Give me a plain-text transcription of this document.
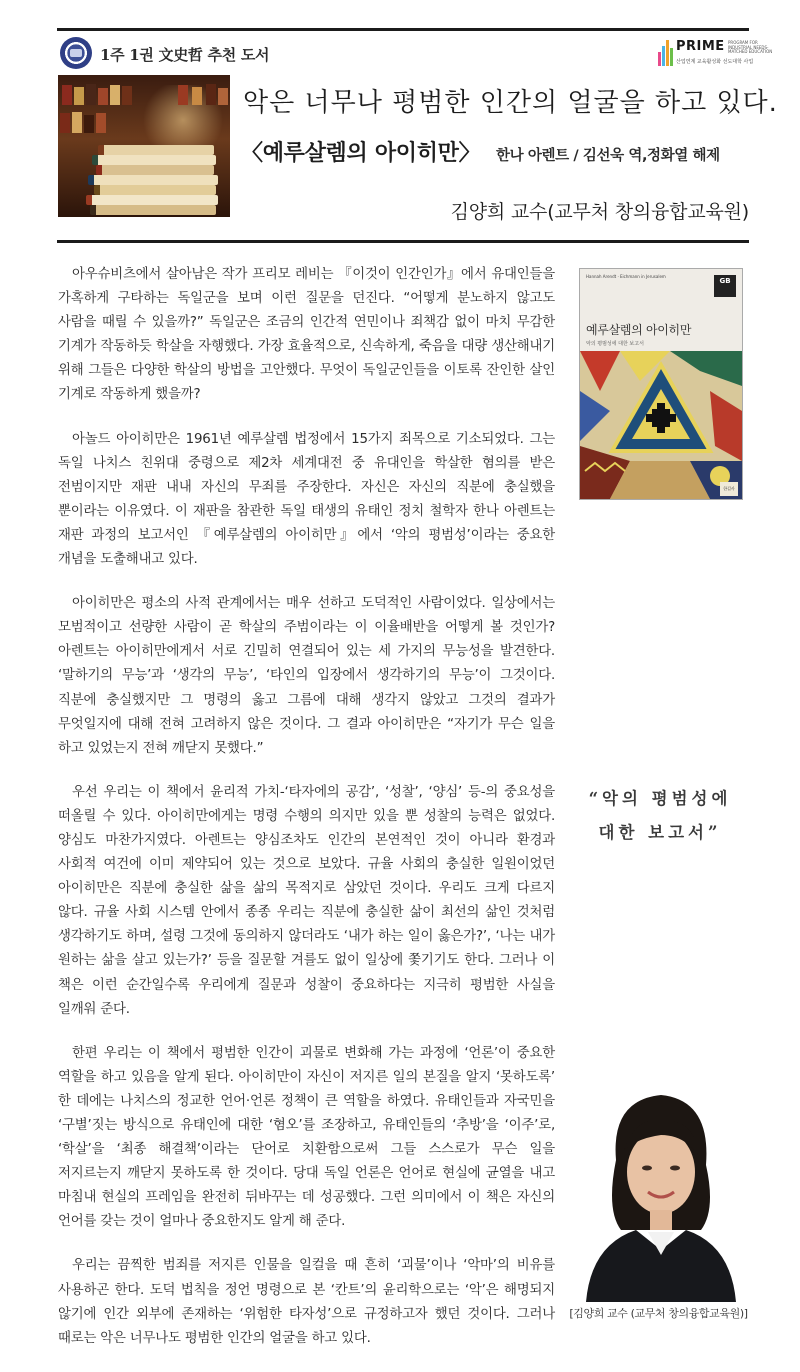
1주 1권 文史哲 추천 도서	PRIME PROGRAM FOR INDUSTRIAL NEEDS-MATCHED EDUCATION
산업연계 교육활성화 선도대학 사업
악은 너무나 평범한 인간의 얼굴을 하고 있다.
〈예루살렘의 아이히만〉 한나 아렌트 / 김선욱 역,정화열 해제
김양희 교수(교무처 창의융합교육원)

아우슈비츠에서 살아남은 작가 프리모 레비는 『이것이 인간인가』에서 유대인들을 가혹하게 구타하는 독일군을 보며 이런 질문을 던진다. “어떻게 분노하지 않고도 사람을 때릴 수 있을까?” 독일군은 조금의 인간적 연민이나 죄책감 없이 마치 무감한 기계가 작동하듯 학살을 자행했다. 가장 효율적으로, 신속하게, 죽음을 대량 생산해내기 위해 그들은 다양한 학살의 방법을 고안했다. 무엇이 독일군인들을 이토록 잔인한 살인 기계로 작동하게 했을까?

아놀드 아이히만은 1961년 예루살렘 법정에서 15가지 죄목으로 기소되었다. 그는 독일 나치스 친위대 중령으로 제2차 세계대전 중 유대인을 학살한 혐의를 받은 전범이지만 재판 내내 자신의 무죄를 주장한다. 자신은 자신의 직분에 충실했을 뿐이라는 이유였다. 이 재판을 참관한 독일 태생의 유태인 정치 철학자 한나 아렌트는 재판 과정의 보고서인 『예루살렘의 아이히만』에서 ‘악의 평범성’이라는 중요한 개념을 도출해내고 있다.

아이히만은 평소의 사적 관계에서는 매우 선하고 도덕적인 사람이었다. 일상에서는 모범적이고 선량한 사람이 곧 학살의 주범이라는 이 이율배반을 어떻게 볼 것인가? 아렌트는 아이히만에게서 서로 긴밀히 연결되어 있는 세 가지의 무능성을 발견한다. ‘말하기의 무능’과 ‘생각의 무능’, ‘타인의 입장에서 생각하기의 무능’이 그것이다. 직분에 충실했지만 그 명령의 옳고 그름에 대해 생각지 않았고 그것의 결과가 무엇일지에 대해 전혀 고려하지 않은 것이다. 그 결과 아이히만은 “자기가 무슨 일을 하고 있었는지 전혀 깨닫지 못했다.”

우선 우리는 이 책에서 윤리적 가치-‘타자에의 공감’, ‘성찰’, ‘양심’ 등-의 중요성을 떠올릴 수 있다. 아이히만에게는 명령 수행의 의지만 있을 뿐 성찰의 능력은 없었다. 양심도 마찬가지였다. 아렌트는 양심조차도 인간의 본연적인 것이 아니라 환경과 사회적 여건에 이미 제약되어 있는 것으로 보았다. 규율 사회의 충실한 일원이었던 아이히만은 직분에 충실한 삶을 삶의 목적지로 삼았던 것이다. 우리도 크게 다르지 않다. 규율 사회 시스템 안에서 종종 우리는 직분에 충실한 삶이 최선의 삶인 것처럼 생각하기도 하며, 설령 그것에 동의하지 않더라도 ‘내가 하는 일이 옳은가?’, ‘나는 내가 원하는 삶을 살고 있는가?’ 등을 질문할 겨를도 없이 일상에 쫓기기도 한다. 그러나 이 책은 이런 순간일수록 우리에게 질문과 성찰이 중요하다는 지극히 평범한 사실을 일깨워 준다.

한편 우리는 이 책에서 평범한 인간이 괴물로 변화해 가는 과정에 ‘언론’이 중요한 역할을 하고 있음을 알게 된다. 아이히만이 자신이 저지른 일의 본질을 알지 ‘못하도록’ 한 데에는 나치스의 정교한 언어·언론 정책이 큰 역할을 하였다. 유태인들과 자국민을 ‘구별’짓는 방식으로 유태인에 대한 ‘혐오’를 조장하고, 유태인들의 ‘추방’을 ‘이주’로, ‘학살’을 ‘최종 해결책’이라는 단어로 치환함으로써 그들 스스로가 무슨 일을 저지르는지 깨닫지 못하도록 한 것이다. 당대 독일 언론은 언어로 현실에 균열을 내고 마침내 현실의 프레임을 완전히 뒤바꾸는 데 성공했다. 그런 의미에서 이 책은 자신의 언어를 갖는 것이 얼마나 중요한지도 알게 해 준다.

우리는 끔찍한 범죄를 저지른 인물을 일컬을 때 흔히 ‘괴물’이나 ‘악마’의 비유를 사용하곤 한다. 도덕 법칙을 정언 명령으로 본 ‘칸트’의 윤리학으로는 ‘악’은 해명되지 않기에 인간 외부에 존재하는 ‘위험한 타자성’으로 규정하고자 했던 것이다. 그러나 때로는 악은 너무나도 평범한 인간의 얼굴을 하고 있다.

Hannah Arendt · Eichmann in Jerusalem
GB
예루살렘의 아이히만
악의 평범성에 대한 보고서
한길사
“악의 평범성에
대한 보고서”
[김양희 교수 (교무처 창의융합교육원)]
